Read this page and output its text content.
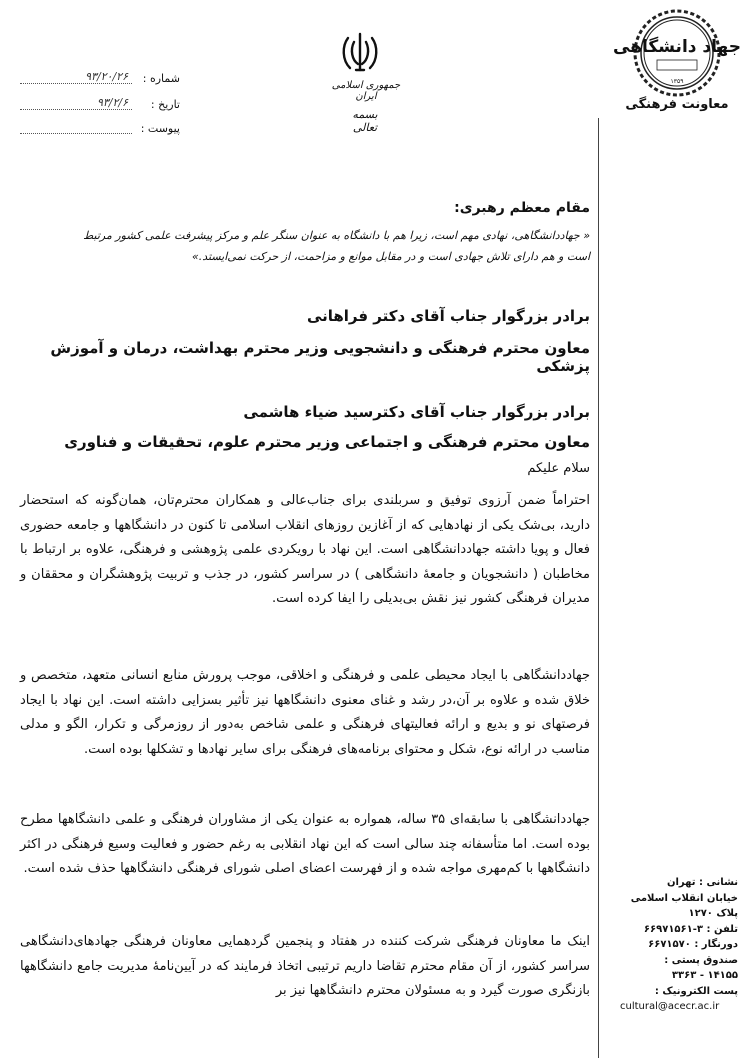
جهاد دانشگاهی
۱۳۵۹
معاونت فرهنگی
جمهوری اسلامی ایران
بسمه تعالی
شماره :
۹۳/۲۰/۲۶
تاریخ :
۹۳/۲/۶
پیوست :
مقام معظم رهبری:
« جهاددانشگاهی، نهادی مهم است، زیرا هم با دانشگاه به عنوان سنگر علم و مرکز پیشرفت علمی کشور مرتبط
است و هم دارای تلاش جهادی است و در مقابل موانع و مزاحمت، از حرکت نمی‌ایستد.»
برادر بزرگوار جناب آقای دکتر فراهانی
معاون محترم فرهنگی و دانشجویی وزیر محترم بهداشت، درمان و آموزش پزشکی
برادر بزرگوار جناب آقای دکترسید ضیاء هاشمی
معاون محترم فرهنگی و اجتماعی وزیر محترم علوم، تحقیقات و فناوری
سلام علیکم
احتراماً ضمن آرزوی توفیق و سربلندی برای جناب‌عالی و همکاران محترم‌تان، همان‌گونه که استحضار دارید، بی‌شک یکی از نهادهایی که از آغازین روزهای انقلاب اسلامی تا کنون در دانشگاهها و جامعه حضوری فعال و پویا داشته جهاددانشگاهی است. این نهاد با رویکردی علمی پژوهشی و فرهنگی، علاوه بر ارتباط با مخاطبان ( دانشجویان و جامعهٔ دانشگاهی ) در سراسر کشور، در جذب و تربیت پژوهشگران و محققان و مدیران فرهنگی کشور نیز نقش بی‌بدیلی را ایفا کرده است.
جهاددانشگاهی با ایجاد محیطی علمی و فرهنگی و اخلاقی، موجب پرورش منابع انسانی متعهد، متخصص و خلاق شده و علاوه بر آن،در رشد و غنای معنوی دانشگاهها نیز تأثیر بسزایی داشته است. این نهاد با ایجاد فرصتهای نو و بدیع و ارائه فعالیتهای فرهنگی و علمی شاخص به‌دور از روزمرگی و تکرار، الگو و مدلی مناسب در ارائه نوع، شکل و محتوای برنامه‌های فرهنگی برای سایر نهادها و تشکلها بوده است.
جهاددانشگاهی با سابقه‌ای ۳۵ ساله، همواره به عنوان یکی از مشاوران فرهنگی و علمی دانشگاهها مطرح بوده است. اما متأسفانه چند سالی است که این نهاد انقلابی به رغم حضور و فعالیت وسیع فرهنگی در اکثر دانشگاهها با کم‌مهری مواجه شده و از فهرست اعضای اصلی شورای فرهنگی دانشگاهها حذف شده است.
اینک ما معاونان فرهنگی شرکت کننده در هفتاد و پنجمین گردهمایی معاونان فرهنگی جهادهای‌دانشگاهی سراسر کشور، از آن مقام محترم تقاضا داریم ترتیبی اتخاذ فرمایند که در آیین‌نامهٔ مدیریت جامع دانشگاهها بازنگری صورت گیرد و به مسئولان محترم دانشگاهها نیز بر
نشانی : تهران
خیابان انقلاب اسلامی
پلاک ۱۲۷۰
تلفن : ۳-۶۶۹۷۱۵۶۱
دورنگار : ۶۶۷۱۵۷۰
صندوق پستی :
۱۴۱۵۵ - ۳۳۶۳
پست الکترونیک :
cultural@acecr.ac.ir
